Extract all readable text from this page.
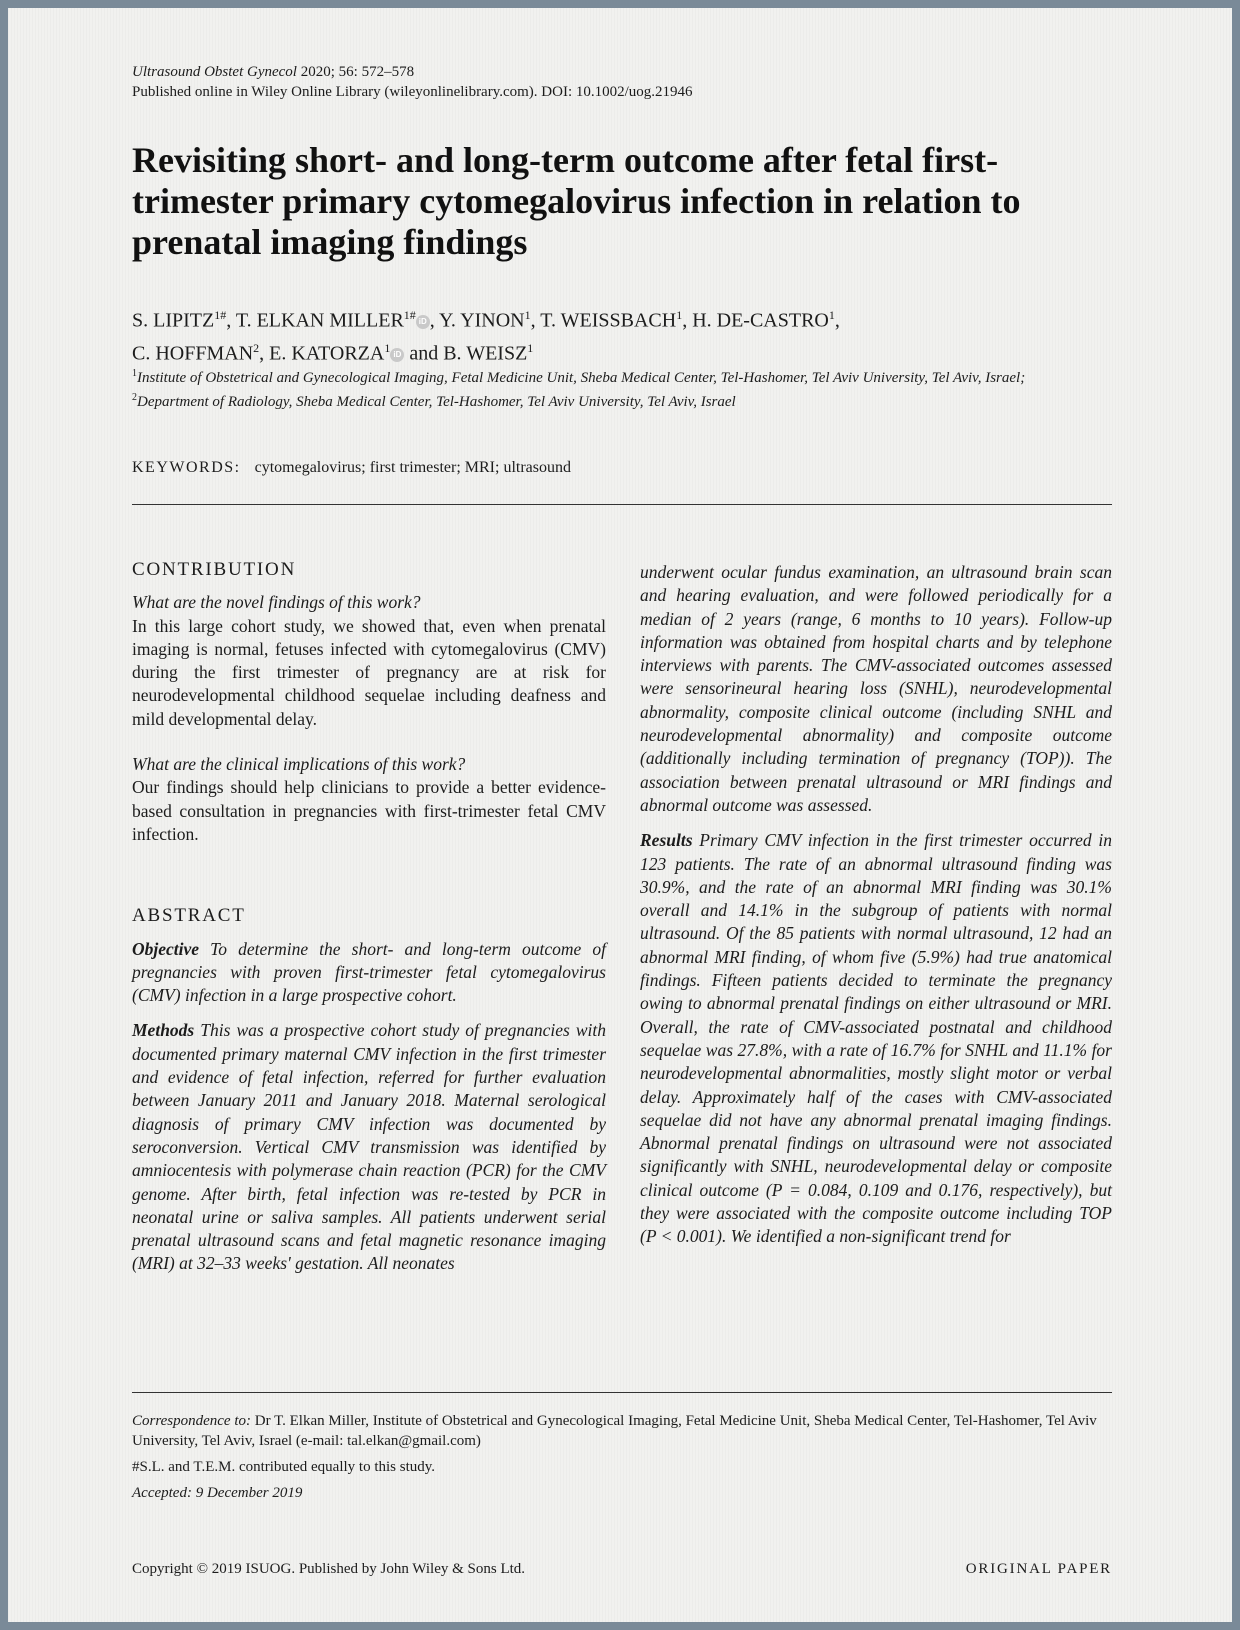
Ultrasound Obstet Gynecol 2020; 56: 572–578
Published online in Wiley Online Library (wileyonlinelibrary.com). DOI: 10.1002/uog.21946
Revisiting short- and long-term outcome after fetal first-trimester primary cytomegalovirus infection in relation to prenatal imaging findings
S. $LIPITZ^{1\#}$, T. ELKAN $MILLER^{1\#}$ iD , Y. YINON$^1$, T. WEISSBACH$^1$, H. DE-CASTRO$^1$,
C. HOFFMAN$^2$, E. KATORZA$^1$ iD and B. WEISZ$^1$
$^1$Institute of Obstetrical and Gynecological Imaging, Fetal Medicine Unit, Sheba Medical Center, Tel-Hashomer, Tel Aviv University, Tel Aviv, Israel; $^2$Department of Radiology, Sheba Medical Center, Tel-Hashomer, Tel Aviv University, Tel Aviv, Israel
KEYWORDS: cytomegalovirus; first trimester; MRI; ultrasound
CONTRIBUTION

What are the novel findings of this work?

In this large cohort study, we showed that, even when prenatal imaging is normal, fetuses infected with cytomegalovirus (CMV) during the first trimester of pregnancy are at risk for neurodevelopmental childhood sequelae including deafness and mild developmental delay.

What are the clinical implications of this work?

Our findings should help clinicians to provide a better evidence-based consultation in pregnancies with first-trimester fetal CMV infection.

ABSTRACT

Objective To determine the short- and long-term outcome of pregnancies with proven first-trimester fetal cytomegalovirus (CMV) infection in a large prospective cohort.

Methods This was a prospective cohort study of pregnancies with documented primary maternal CMV infection in the first trimester and evidence of fetal infection, referred for further evaluation between January 2011 and January 2018. Maternal serological diagnosis of primary CMV infection was documented by seroconversion. Vertical CMV transmission was identified by amniocentesis with polymerase chain reaction (PCR) for the CMV genome. After birth, fetal infection was re-tested by PCR in neonatal urine or saliva samples. All patients underwent serial prenatal ultrasound scans and fetal magnetic resonance imaging (MRI) at 32–33 weeks' gestation. All neonates

underwent ocular fundus examination, an ultrasound brain scan and hearing evaluation, and were followed periodically for a median of 2 years (range, 6 months to 10 years). Follow-up information was obtained from hospital charts and by telephone interviews with parents. The CMV-associated outcomes assessed were sensorineural hearing loss (SNHL), neurodevelopmental abnormality, composite clinical outcome (including SNHL and neurodevelopmental abnormality) and composite outcome (additionally including termination of pregnancy (TOP)). The association between prenatal ultrasound or MRI findings and abnormal outcome was assessed.

Results Primary CMV infection in the first trimester occurred in 123 patients. The rate of an abnormal ultrasound finding was 30.9%, and the rate of an abnormal MRI finding was 30.1% overall and 14.1% in the subgroup of patients with normal ultrasound. Of the 85 patients with normal ultrasound, 12 had an abnormal MRI finding, of whom five (5.9%) had true anatomical findings. Fifteen patients decided to terminate the pregnancy owing to abnormal prenatal findings on either ultrasound or MRI. Overall, the rate of CMV-associated postnatal and childhood sequelae was 27.8%, with a rate of 16.7% for SNHL and 11.1% for neurodevelopmental abnormalities, mostly slight motor or verbal delay. Approximately half of the cases with CMV-associated sequelae did not have any abnormal prenatal imaging findings. Abnormal prenatal findings on ultrasound were not associated significantly with SNHL, neurodevelopmental delay or composite clinical outcome (P = 0.084, 0.109 and 0.176, respectively), but they were associated with the composite outcome including TOP (P < 0.001). We identified a non-significant trend for

Correspondence to: Dr T. Elkan Miller, Institute of Obstetrical and Gynecological Imaging, Fetal Medicine Unit, Sheba Medical Center, Tel-Hashomer, Tel Aviv University, Tel Aviv, Israel (e-mail: tal.elkan@gmail.com)

#S.L. and T.E.M. contributed equally to this study.

Accepted: 9 December 2019

Copyright © 2019 ISUOG. Published by John Wiley & Sons Ltd.	ORIGINAL PAPER
